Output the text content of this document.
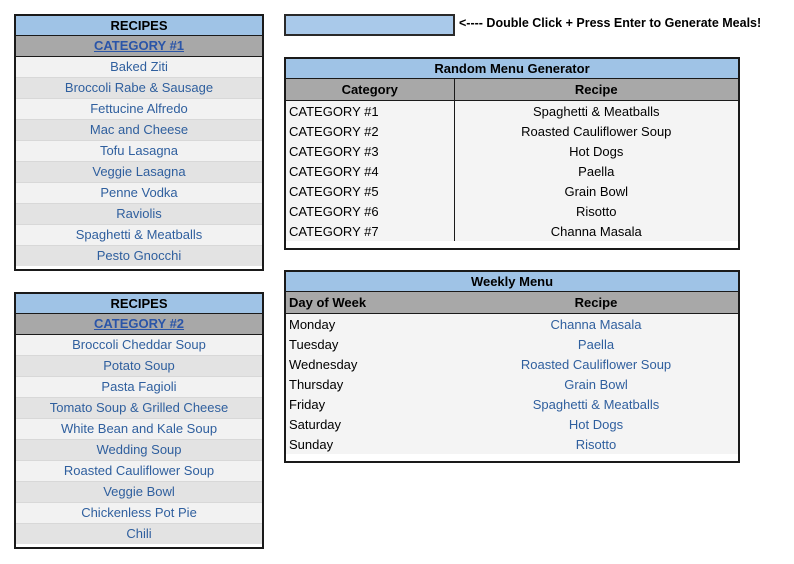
RECIPES
CATEGORY #1
Baked Ziti
Broccoli Rabe & Sausage
Fettucine Alfredo
Mac and Cheese
Tofu Lasagna
Veggie Lasagna
Penne Vodka
Raviolis
Spaghetti & Meatballs
Pesto Gnocchi
RECIPES
CATEGORY #2
Broccoli Cheddar Soup
Potato Soup
Pasta Fagioli
Tomato Soup & Grilled Cheese
White Bean and Kale Soup
Wedding Soup
Roasted Cauliflower Soup
Veggie Bowl
Chickenless Pot Pie
Chili
<---- Double Click + Press Enter to Generate Meals!
Random Menu Generator
Category	Recipe
CATEGORY #1	Spaghetti & Meatballs
CATEGORY #2	Roasted Cauliflower Soup
CATEGORY #3	Hot Dogs
CATEGORY #4	Paella
CATEGORY #5	Grain Bowl
CATEGORY #6	Risotto
CATEGORY #7	Channa Masala
Weekly Menu
Day of Week	Recipe
Monday	Channa Masala
Tuesday	Paella
Wednesday	Roasted Cauliflower Soup
Thursday	Grain Bowl
Friday	Spaghetti & Meatballs
Saturday	Hot Dogs
Sunday	Risotto
